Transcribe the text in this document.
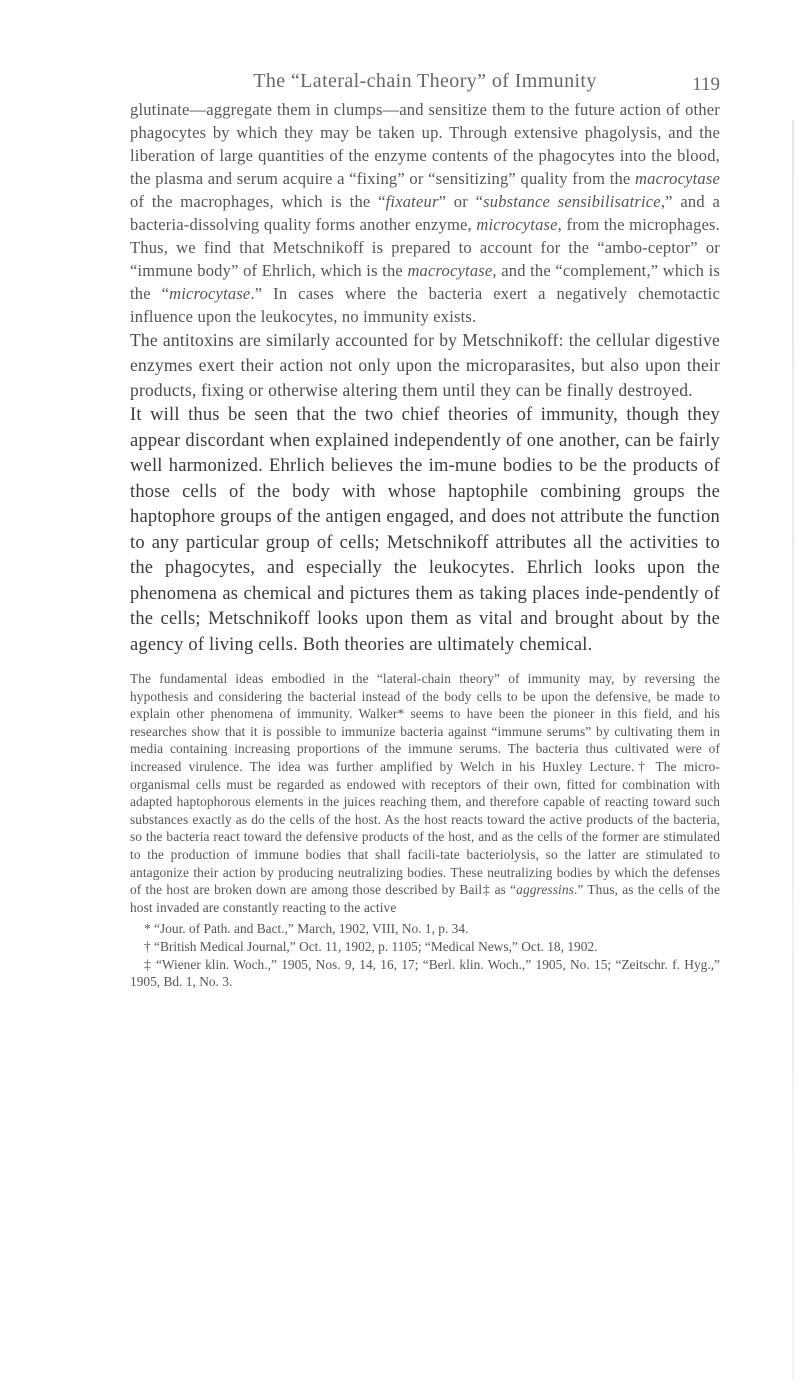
The “Lateral-chain Theory” of Immunity	119

glutinate—aggregate them in clumps—and sensitize them to the future action of other phagocytes by which they may be taken up. Through extensive phagolysis, and the liberation of large quantities of the enzyme contents of the phagocytes into the blood, the plasma and serum acquire a “fixing” or “sensitizing” quality from the macrocytase of the macrophages, which is the “fixateur” or “substance sensibilisatrice,” and a bacteria-dissolving quality forms another enzyme, microcytase, from the microphages. Thus, we find that Metschnikoff is prepared to account for the “ambo-ceptor” or “immune body” of Ehrlich, which is the macrocytase, and the “complement,” which is the “microcytase.” In cases where the bacteria exert a negatively chemotactic influence upon the leukocytes, no immunity exists.

The antitoxins are similarly accounted for by Metschnikoff: the cellular digestive enzymes exert their action not only upon the microparasites, but also upon their products, fixing or otherwise altering them until they can be finally destroyed.

It will thus be seen that the two chief theories of immunity, though they appear discordant when explained independently of one another, can be fairly well harmonized. Ehrlich believes the im-mune bodies to be the products of those cells of the body with whose haptophile combining groups the haptophore groups of the antigen engaged, and does not attribute the function to any particular group of cells; Metschnikoff attributes all the activities to the phagocytes, and especially the leukocytes. Ehrlich looks upon the phenomena as chemical and pictures them as taking places inde-pendently of the cells; Metschnikoff looks upon them as vital and brought about by the agency of living cells. Both theories are ultimately chemical.

The fundamental ideas embodied in the “lateral-chain theory” of immunity may, by reversing the hypothesis and considering the bacterial instead of the body cells to be upon the defensive, be made to explain other phenomena of immunity. Walker* seems to have been the pioneer in this field, and his researches show that it is possible to immunize bacteria against “immune serums” by cultivating them in media containing increasing proportions of the immune serums. The bacteria thus cultivated were of increased virulence. The idea was further amplified by Welch in his Huxley Lecture.† The micro-organismal cells must be regarded as endowed with receptors of their own, fitted for combination with adapted haptophorous elements in the juices reaching them, and therefore capable of reacting toward such substances exactly as do the cells of the host. As the host reacts toward the active products of the bacteria, so the bacteria react toward the defensive products of the host, and as the cells of the former are stimulated to the production of immune bodies that shall facili-tate bacteriolysis, so the latter are stimulated to antagonize their action by producing neutralizing bodies. These neutralizing bodies by which the defenses of the host are broken down are among those described by Bail‡ as “aggressins.” Thus, as the cells of the host invaded are constantly reacting to the active

* “Jour. of Path. and Bact.,” March, 1902, VIII, No. 1, p. 34.

† “British Medical Journal,” Oct. 11, 1902, p. 1105; “Medical News,” Oct. 18, 1902.

‡ “Wiener klin. Woch.,” 1905, Nos. 9, 14, 16, 17; “Berl. klin. Woch.,” 1905, No. 15; “Zeitschr. f. Hyg.,” 1905, Bd. 1, No. 3.
